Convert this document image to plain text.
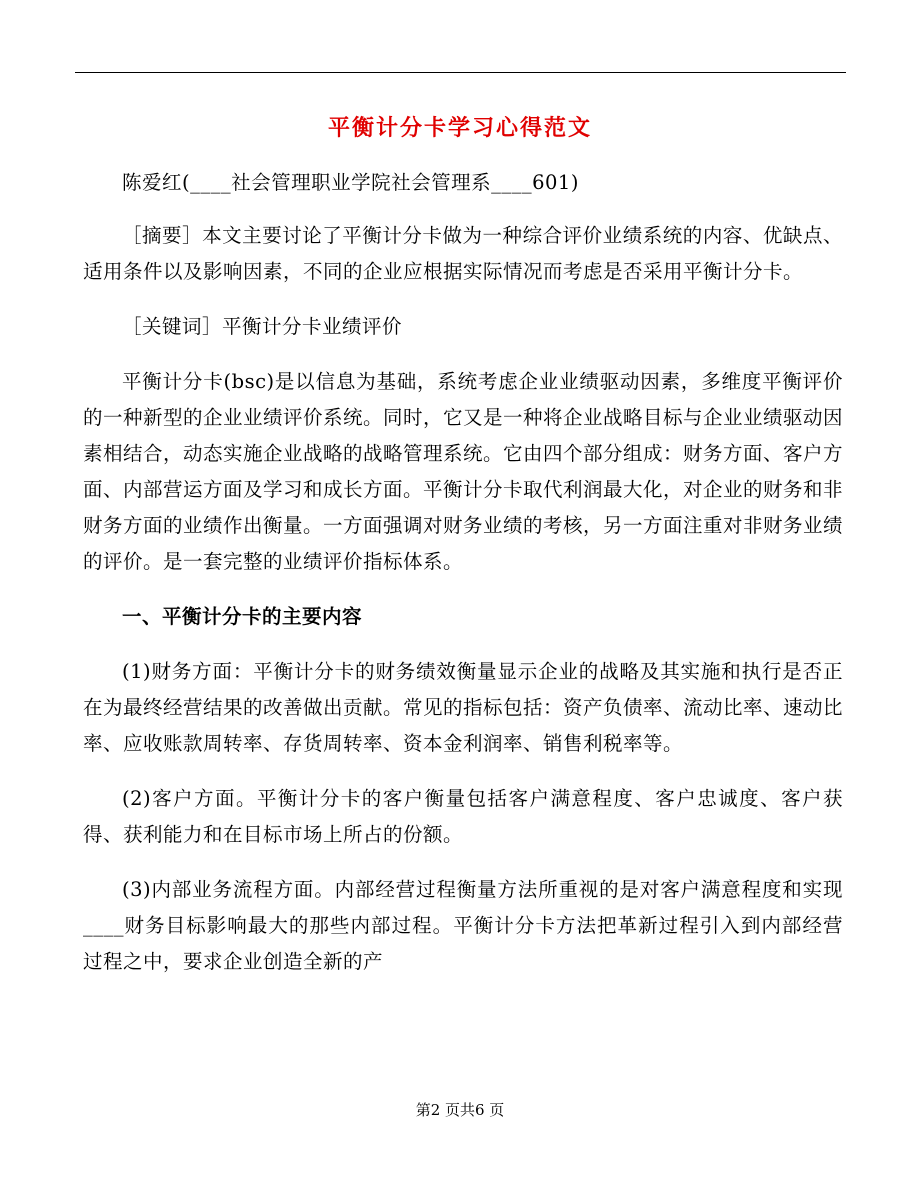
平衡计分卡学习心得范文

陈爱红(____社会管理职业学院社会管理系____601)

［摘要］本文主要讨论了平衡计分卡做为一种综合评价业绩系统的内容、优缺点、适用条件以及影响因素，不同的企业应根据实际情况而考虑是否采用平衡计分卡。

［关键词］平衡计分卡业绩评价

平衡计分卡(bsc)是以信息为基础，系统考虑企业业绩驱动因素，多维度平衡评价的一种新型的企业业绩评价系统。同时，它又是一种将企业战略目标与企业业绩驱动因素相结合，动态实施企业战略的战略管理系统。它由四个部分组成：财务方面、客户方面、内部营运方面及学习和成长方面。平衡计分卡取代利润最大化，对企业的财务和非财务方面的业绩作出衡量。一方面强调对财务业绩的考核，另一方面注重对非财务业绩的评价。是一套完整的业绩评价指标体系。

一、平衡计分卡的主要内容

(1)财务方面：平衡计分卡的财务绩效衡量显示企业的战略及其实施和执行是否正在为最终经营结果的改善做出贡献。常见的指标包括：资产负债率、流动比率、速动比率、应收账款周转率、存货周转率、资本金利润率、销售利税率等。

(2)客户方面。平衡计分卡的客户衡量包括客户满意程度、客户忠诚度、客户获得、获利能力和在目标市场上所占的份额。

(3)内部业务流程方面。内部经营过程衡量方法所重视的是对客户满意程度和实现____财务目标影响最大的那些内部过程。平衡计分卡方法把革新过程引入到内部经营过程之中，要求企业创造全新的产

第2 页共6 页
